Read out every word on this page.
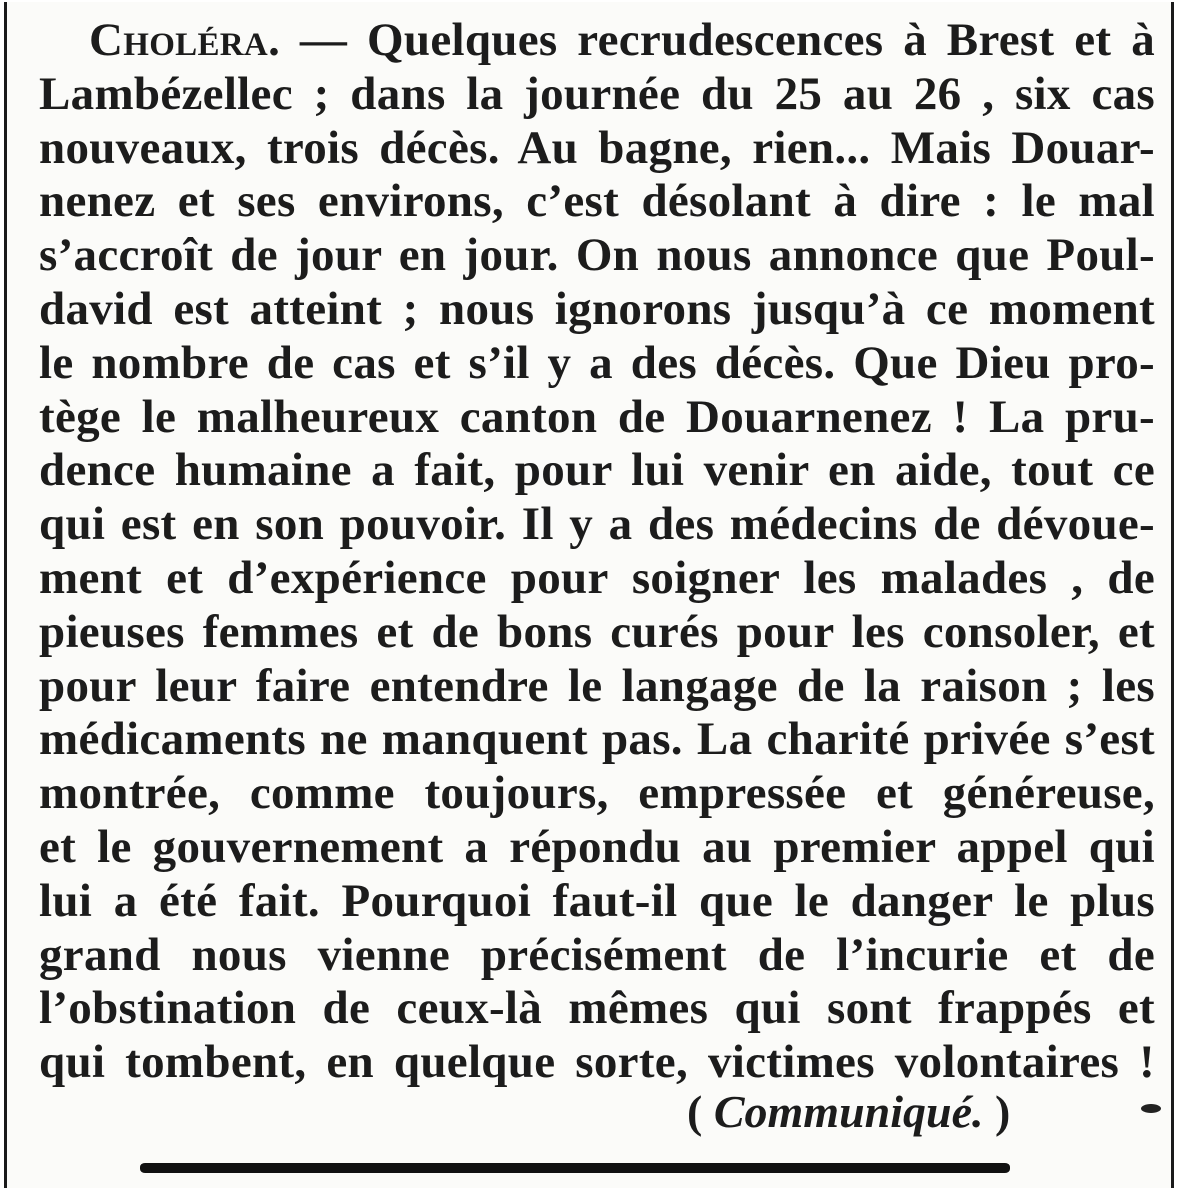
Choléra. — Quelques recrudescences à Brest et à
Lambézellec ; dans la journée du 25 au 26 , six cas
nouveaux, trois décès. Au bagne, rien... Mais Douar-
nenez et ses environs, c’est désolant à dire : le mal
s’accroît de jour en jour. On nous annonce que Poul-
david est atteint ; nous ignorons jusqu’à ce moment
le nombre de cas et s’il y a des décès. Que Dieu pro-
tège le malheureux canton de Douarnenez ! La pru-
dence humaine a fait, pour lui venir en aide, tout ce
qui est en son pouvoir. Il y a des médecins de dévoue-
ment et d’expérience pour soigner les malades , de
pieuses femmes et de bons curés pour les consoler, et
pour leur faire entendre le langage de la raison ; les
médicaments ne manquent pas. La charité privée s’est
montrée, comme toujours, empressée et généreuse,
et le gouvernement a répondu au premier appel qui
lui a été fait. Pourquoi faut-il que le danger le plus
grand nous vienne précisément de l’incurie et de
l’obstination de ceux-là mêmes qui sont frappés et
qui tombent, en quelque sorte, victimes volontaires !
( Communiqué. )
